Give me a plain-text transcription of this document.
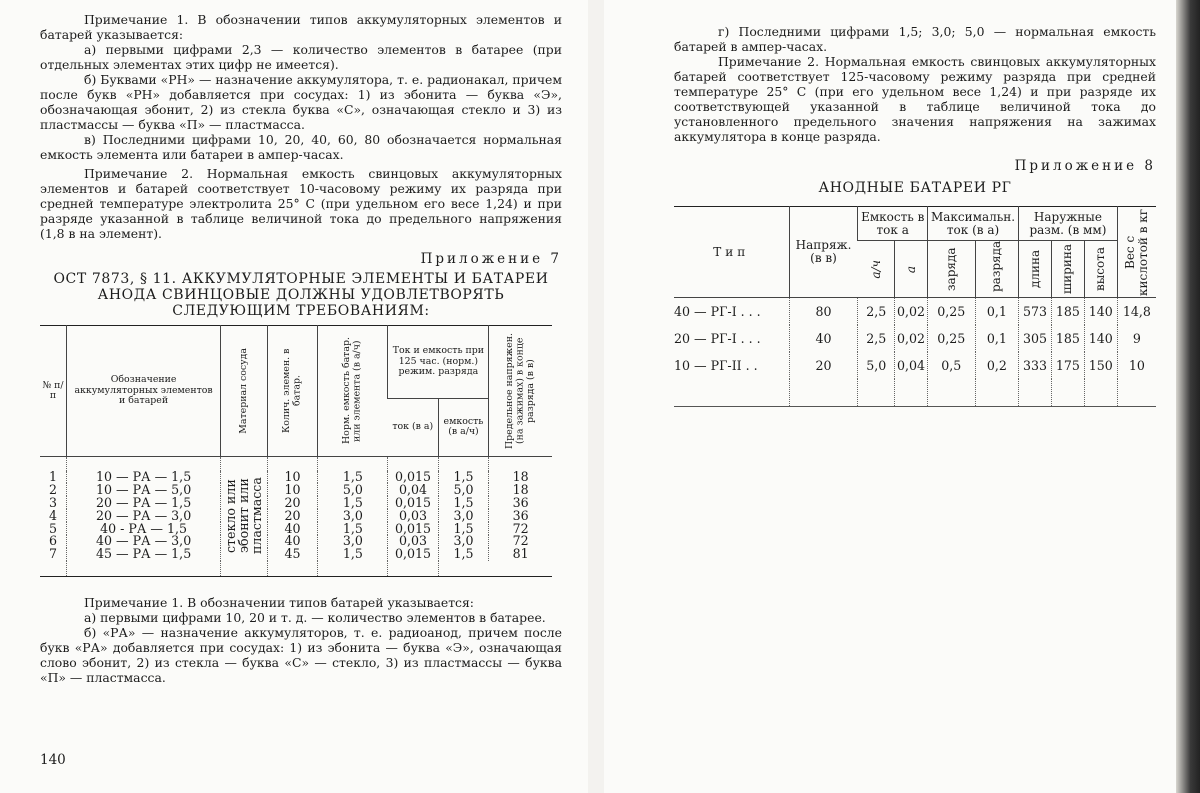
Примечание 1. В обозначении типов аккумуляторных элементов и батарей указывается:

а) первыми цифрами 2,3 — количество элементов в батарее (при отдельных элементах этих цифр не имеется).

б) Буквами «РН» — назначение аккумулятора, т. е. радионакал, причем после букв «РН» добавляется при сосудах: 1) из эбонита — буква «Э», обозначающая эбонит, 2) из стекла буква «С», означающая стекло и 3) из пластмассы — буква «П» — пластмасса.

в) Последними цифрами 10, 20, 40, 60, 80 обозначается нормальная емкость элемента или батареи в ампер-часах.

Примечание 2. Нормальная емкость свинцовых аккумуляторных элементов и батарей соответствует 10-часовому режиму их разряда при средней температуре электролита 25° С (при удельном его весе 1,24) и при разряде указанной в таблице величиной тока до предельного напряжения (1,8 в на элемент).

Приложение 7
ОСТ 7873, § 11. АККУМУЛЯТОРНЫЕ ЭЛЕМЕНТЫ И БАТАРЕИ АНОДА СВИНЦОВЫЕ ДОЛЖНЫ УДОВЛЕТВОРЯТЬ СЛЕДУЮЩИМ ТРЕБОВАНИЯМ:
№ п/п	Обозначение аккумуляторных элементов и батарей	Материал сосуда	Колич. элемен. в батар.	Норм. емкость батар. или элемента (в а/ч)	Ток и емкость при 125 час. (норм.) режим. разряда		Предельное напряжен. (на зажимах) в конце разряда (в в)

					ток (в а)	емкость (в а/ч)	

1	10 — РА — 1,5	стекло или эбонит или пластмасса	10	1,5	0,015	1,5	18
2	10 — РА — 5,0		10	5,0	0,04	5,0	18
3	20 — РА — 1,5		20	1,5	0,015	1,5	36
4	20 — РА — 3,0		20	3,0	0,03	3,0	36
5	40 - РА — 1,5		40	1,5	0,015	1,5	72
6	40 — РА — 3,0		40	3,0	0,03	3,0	72
7	45 — РА — 1,5		45	1,5	0,015	1,5	81

Примечание 1. В обозначении типов батарей указывается:

а) первыми цифрами 10, 20 и т. д. — количество элементов в батарее.

б) «РА» — назначение аккумуляторов, т. е. радиоанод, причем после букв «РА» добавляется при сосудах: 1) из эбонита — буква «Э», означающая слово эбонит, 2) из стекла — буква «С» — стекло, 3) из пластмассы — буква «П» — пластмасса.

140

г) Последними цифрами 1,5; 3,0; 5,0 — нормальная емкость батарей в ампер-часах.

Примечание 2. Нормальная емкость свинцовых аккумуляторных батарей соответствует 125-часовому режиму разряда при средней температуре 25° С (при его удельном весе 1,24) и при разряде их соответствующей указанной в таблице величиной тока до установленного предельного значения напряжения на зажимах аккумулятора в конце разряда.

Приложение 8
АНОДНЫЕ БАТАРЕИ РГ
Тип	Напряж. (в в)	Емкость в ток а		Максимальн. ток (в а)		Наружные разм. (в мм)			Вес с кислотой в кг

		а/ч	а	заряда	разряда	длина	ширина	высота	

40 — РГ-I . . .	80	2,5	0,02	0,25	0,1	573	185	140	14,8
20 — РГ-I . . .	40	2,5	0,02	0,25	0,1	305	185	140	9
10 — РГ-II . .	20	5,0	0,04	0,5	0,2	333	175	150	10
